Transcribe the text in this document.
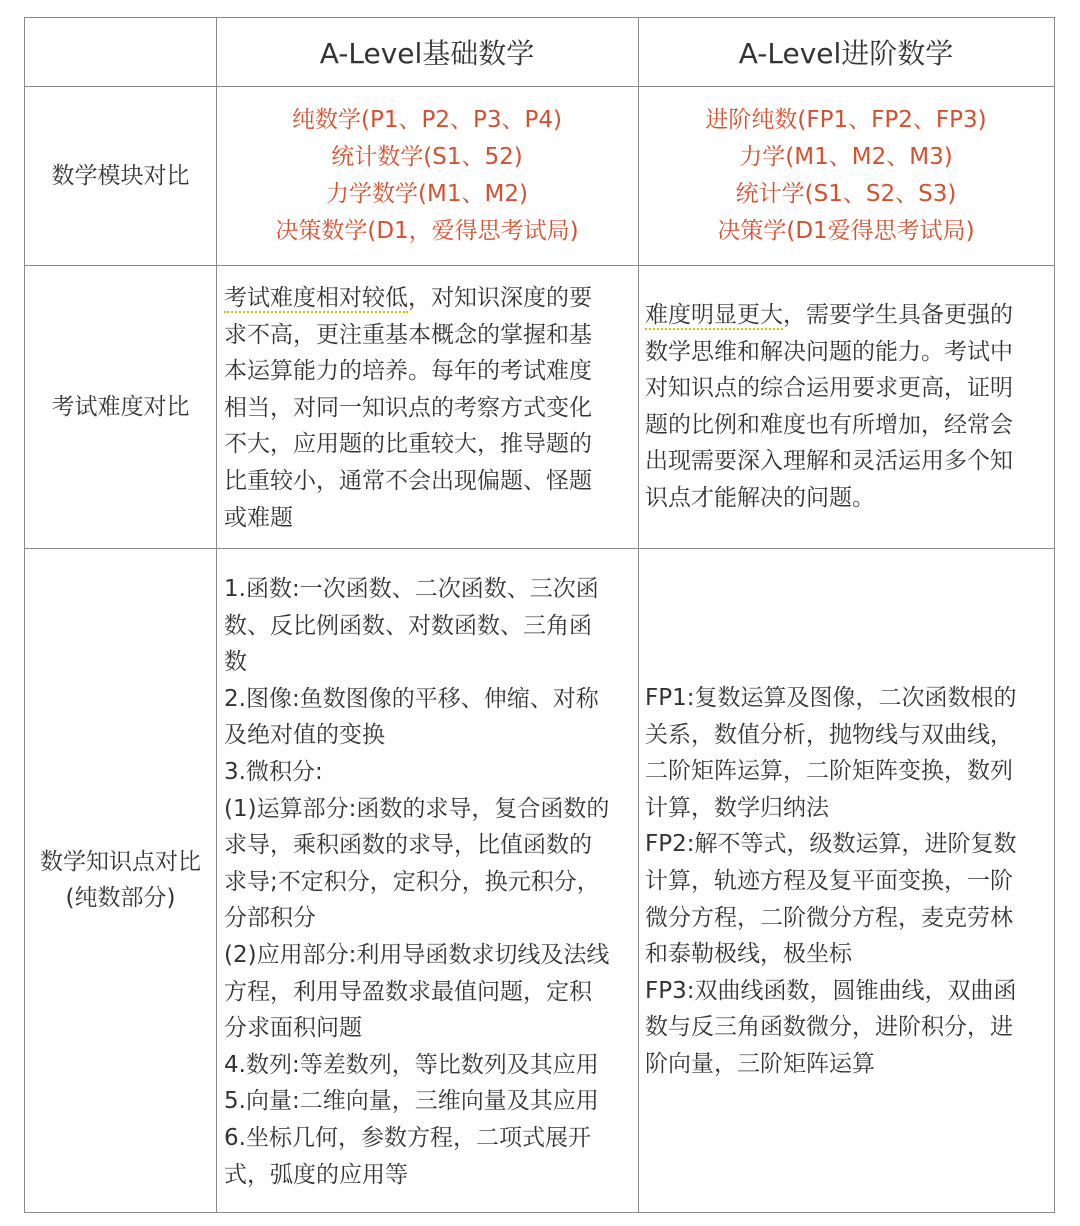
A-Level基础数学	A-Level进阶数学
数学模块对比
纯数学(P1、P2、P3、P4)
统计数学(S1、52)
力学数学(M1、M2)
决策数学(D1，爱得思考试局)
进阶纯数(FP1、FP2、FP3)
力学(M1、M2、M3)
统计学(S1、S2、S3)
决策学(D1爱得思考试局)
考试难度对比
考试难度相对较低，对知识深度的要
求不高，更注重基本概念的掌握和基
本运算能力的培养。每年的考试难度
相当，对同一知识点的考察方式变化
不大，应用题的比重较大，推导题的
比重较小，通常不会出现偏题、怪题
或难题
难度明显更大，需要学生具备更强的
数学思维和解决问题的能力。考试中
对知识点的综合运用要求更高，证明
题的比例和难度也有所增加，经常会
出现需要深入理解和灵活运用多个知
识点才能解决的问题。
数学知识点对比
(纯数部分)
1.函数:一次函数、二次函数、三次函
数、反比例函数、对数函数、三角函
数
2.图像:鱼数图像的平移、伸缩、对称
及绝对值的变换
3.微积分:
(1)运算部分:函数的求导，复合函数的
求导，乘积函数的求导，比值函数的
求导;不定积分，定积分，换元积分，
分部积分
(2)应用部分:利用导函数求切线及法线
方程，利用导盈数求最值问题，定积
分求面积问题
4.数列:等差数列，等比数列及其应用
5.向量:二维向量，三维向量及其应用
6.坐标几何，参数方程，二项式展开
式，弧度的应用等
FP1:复数运算及图像，二次函数根的
关系，数值分析，抛物线与双曲线，
二阶矩阵运算，二阶矩阵变换，数列
计算，数学归纳法
FP2:解不等式，级数运算，进阶复数
计算，轨迹方程及复平面变换，一阶
微分方程，二阶微分方程，麦克劳林
和泰勒极线，极坐标
FP3:双曲线函数，圆锥曲线，双曲函
数与反三角函数微分，进阶积分，进
阶向量，三阶矩阵运算
